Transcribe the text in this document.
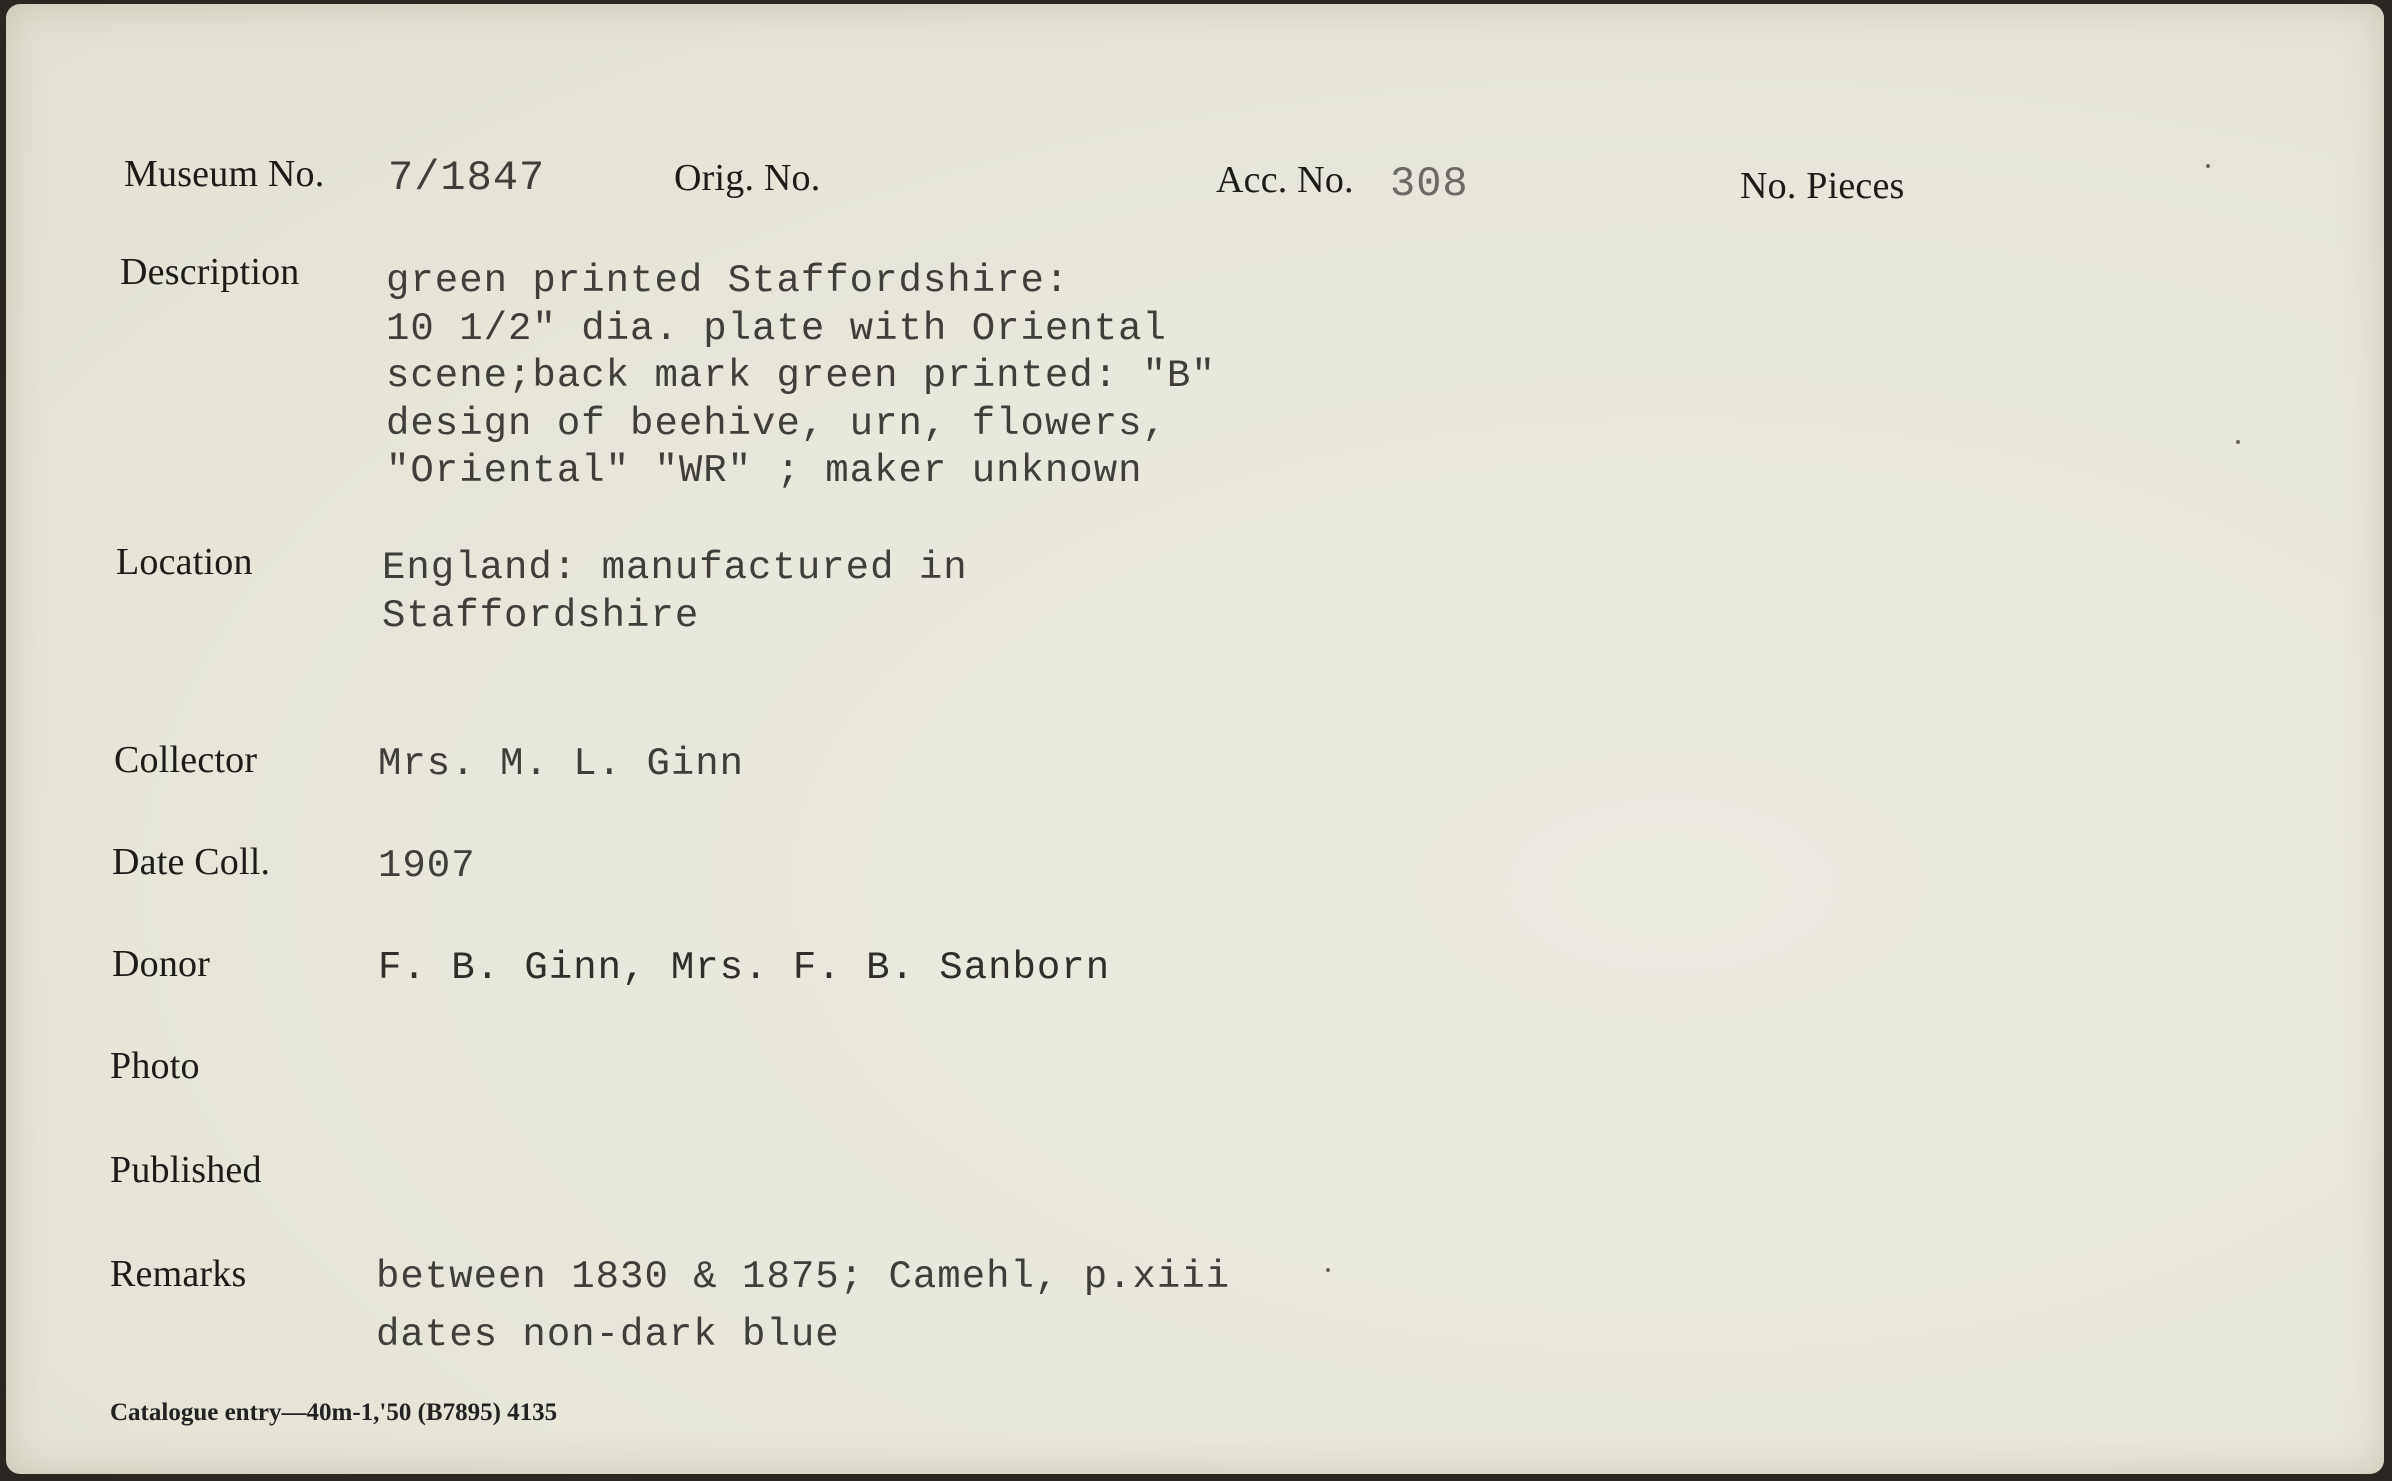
Museum No. 7/1847	Orig. No.	Acc. No. 308	No. Pieces
Description green printed Staffordshire:
10 1/2" dia. plate with Oriental
scene;back mark green printed: "B"
design of beehive, urn, flowers,
"Oriental" "WR" ; maker unknown
Location	England: manufactured in
Staffordshire
Collector	Mrs. M. L. Ginn
Date Coll.	1907
Donor	F. B. Ginn, Mrs. F. B. Sanborn
Photo
Published
Remarks	between 1830 & 1875; Camehl, p.xiii
dates non-dark blue
Catalogue entry—40m-1,'50 (B7895) 4135
